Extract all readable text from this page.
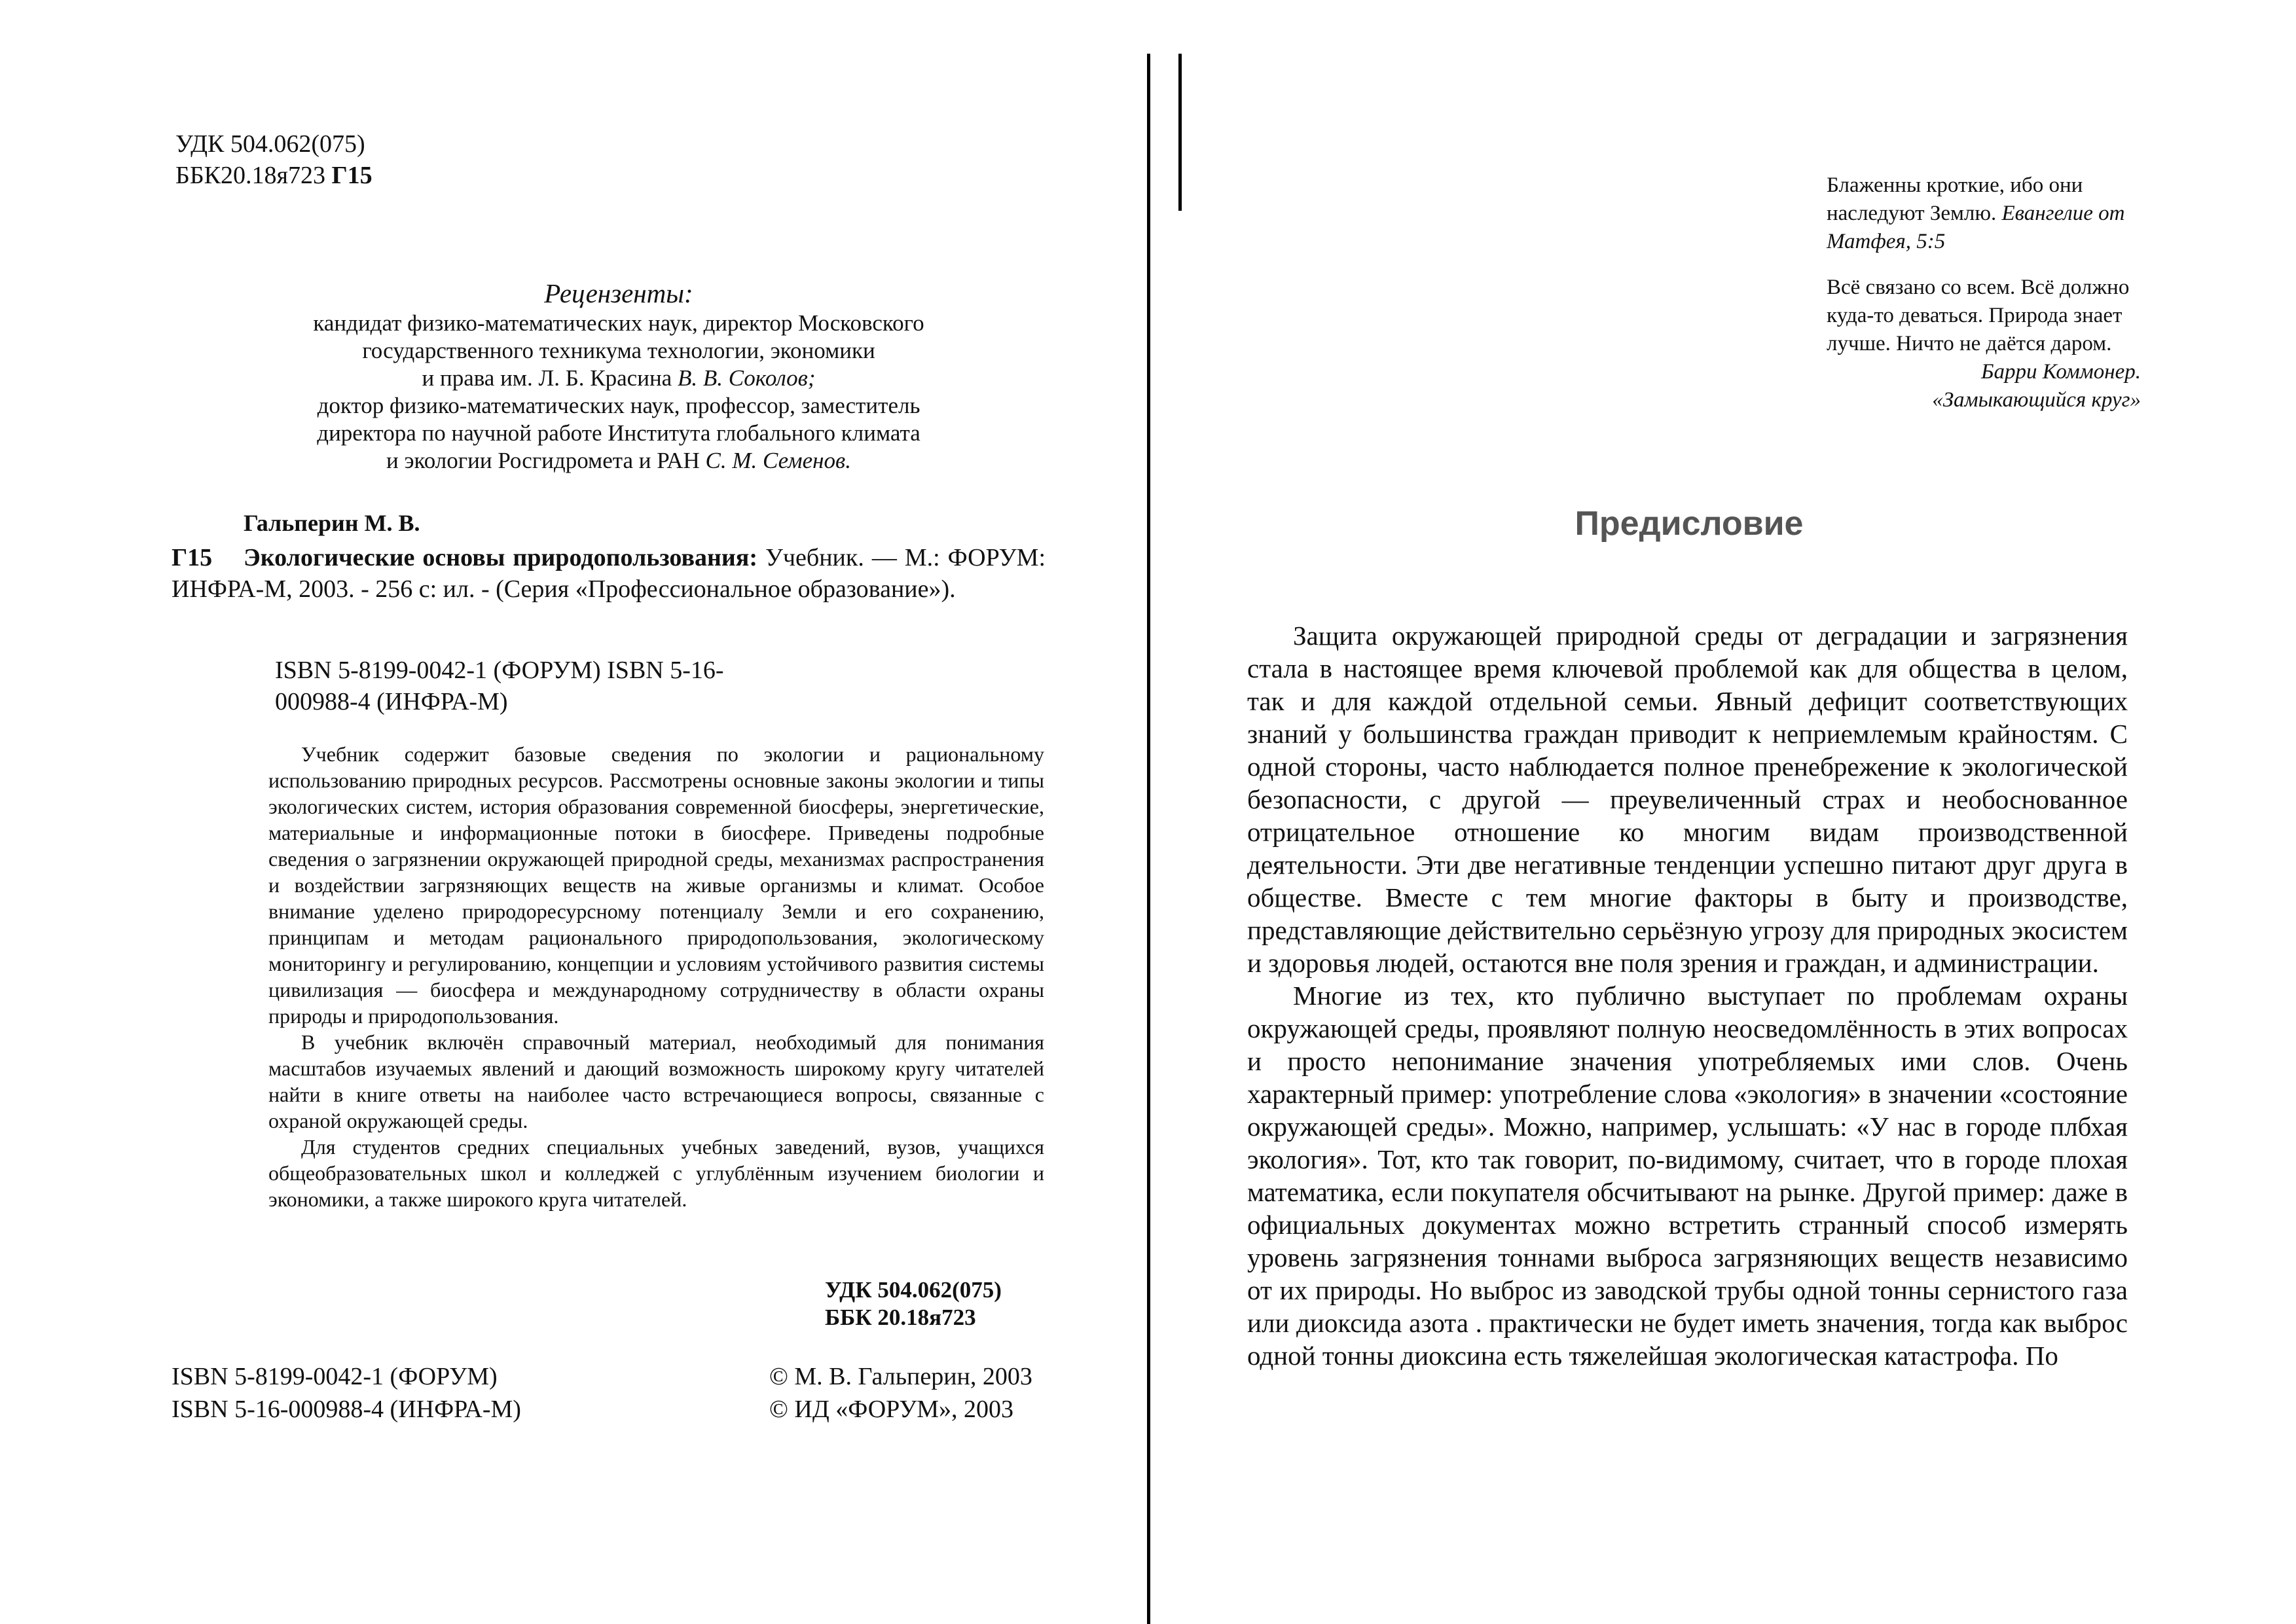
УДК 504.062(075)
ББК20.18я723 Г15
Рецензенты:
кандидат физико-математических наук, директор Московского
государственного техникума технологии, экономики
и права им. Л. Б. Красина В. В. Соколов;
доктор физико-математических наук, профессор, заместитель
директора по научной работе Института глобального климата
и экологии Росгидромета и РАН С. М. Семенов.
Гальперин М. В.
Г15 Экологические основы природопользования: Учебник. — М.: ФОРУМ: ИНФРА-М, 2003. - 256 с: ил. - (Серия «Профессиональное образование»).
ISBN 5-8199-0042-1 (ФОРУМ) ISBN 5-16-000988-4 (ИНФРА-М)

Учебник содержит базовые сведения по экологии и рациональному использованию природных ресурсов. Рассмотрены основные законы экологии и типы экологических систем, история образования современной биосферы, энергетические, материальные и информационные потоки в биосфере. Приведены подробные сведения о загрязнении окружающей природной среды, механизмах распространения и воздействии загрязняющих веществ на живые организмы и климат. Особое внимание уделено природоресурсному потенциалу Земли и его сохранению, принципам и методам рационального природопользования, экологическому мониторингу и регулированию, концепции и условиям устойчивого развития системы цивилизация — биосфера и международному сотрудничеству в области охраны природы и природопользования.

В учебник включён справочный материал, необходимый для понимания масштабов изучаемых явлений и дающий возможность широкому кругу читателей найти в книге ответы на наиболее часто встречающиеся вопросы, связанные с охраной окружающей среды.

Для студентов средних специальных учебных заведений, вузов, учащихся общеобразовательных школ и колледжей с углублённым изучением биологии и экономики, а также широкого круга читателей.

УДК 504.062(075)
ББК 20.18я723
ISBN 5-8199-0042-1 (ФОРУМ)
ISBN 5-16-000988-4 (ИНФРА-М)
© М. В. Гальперин, 2003
© ИД «ФОРУМ», 2003
Блаженны кроткие, ибо они наследуют Землю. Евангелие от Матфея, 5:5
Всё связано со всем. Всё должно куда-то деваться. Природа знает лучше. Ничто не даётся даром.
Барри Коммонер.
«Замыкающийся круг»
Предисловие

Защита окружающей природной среды от деградации и загрязнения стала в настоящее время ключевой проблемой как для общества в целом, так и для каждой отдельной семьи. Явный дефицит соответствующих знаний у большинства граждан приводит к неприемлемым крайностям. С одной стороны, часто наблюдается полное пренебрежение к экологической безопасности, с другой — преувеличенный страх и необоснованное отрицательное отношение ко многим видам производственной деятельности. Эти две негативные тенденции успешно питают друг друга в обществе. Вместе с тем многие факторы в быту и производстве, представляющие действительно серьёзную угрозу для природных экосистем и здоровья людей, остаются вне поля зрения и граждан, и администрации.

Многие из тех, кто публично выступает по проблемам охраны окружающей среды, проявляют полную неосведомлённость в этих вопросах и просто непонимание значения употребляемых ими слов. Очень характерный пример: употребление слова «экология» в значении «состояние окружающей среды». Можно, например, услышать: «У нас в городе плбхая экология». Тот, кто так говорит, по-видимому, считает, что в городе плохая математика, если покупателя обсчитывают на рынке. Другой пример: даже в официальных документах можно встретить странный способ измерять уровень загрязнения тоннами выброса загрязняющих веществ независимо от их природы. Но выброс из заводской трубы одной тонны сернистого газа или диоксида азота . практически не будет иметь значения, тогда как выброс одной тонны диоксина есть тяжелейшая экологическая катастрофа. По
